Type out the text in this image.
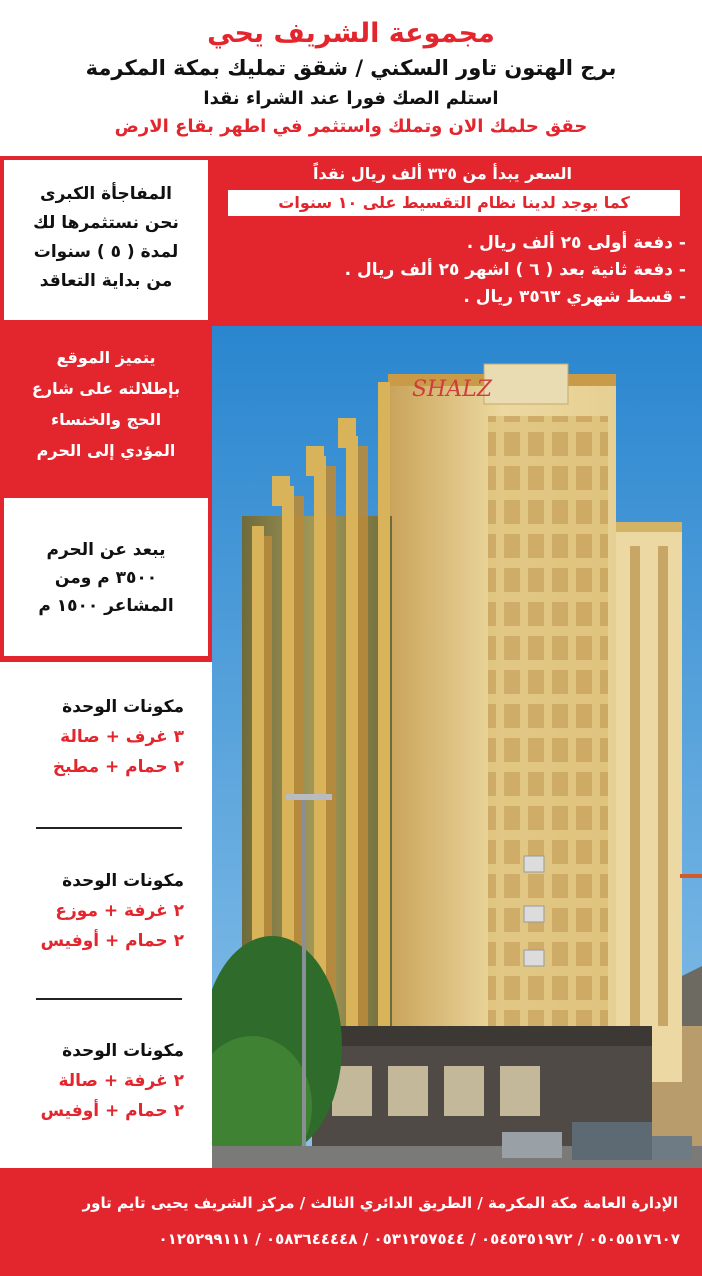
مجموعة الشريف يحي
برج الهتون تاور السكني / شقق تمليك بمكة المكرمة
استلم الصك فورا عند الشراء نقدا
حقق حلمك الان وتملك واستثمر في اطهر بقاع الارض
السعر يبدأ من ٣٣٥ ألف ريال نقداً
كما يوجد لدينا نظام التقسيط على ١٠ سنوات
- دفعة أولى ٢٥ ألف ريال .
- دفعة ثانية بعد ( ٦ ) اشهر ٢٥ ألف ريال .
- قسط شهري ٣٥٦٣ ريال .
المفاجأة الكبرى
نحن نستثمرها لك
لمدة ( ٥ ) سنوات
من بداية التعاقد
يتميز الموقع
بإطلالته على شارع
الحج والخنساء
المؤدي إلى الحرم
يبعد عن الحرم
٣٥٠٠ م ومن
المشاعر ١٥٠٠ م
مكونات الوحدة
٣ غرف + صالة
٢ حمام + مطبخ
مكونات الوحدة
٢ غرفة + موزع
٢ حمام + أوفيس
مكونات الوحدة
٢ غرفة + صالة
٢ حمام + أوفيس
SHALZ
الإدارة العامة مكة المكرمة / الطريق الدائري الثالث / مركز الشريف يحيى تايم تاور
٠٥٠٥٥١٧٦٠٧ / ٠٥٤٥٣٥١٩٧٢ / ٠٥٣١٢٥٧٥٤٤ / ٠٥٨٣٦٤٤٤٤٨ / ٠١٢٥٢٩٩١١١
